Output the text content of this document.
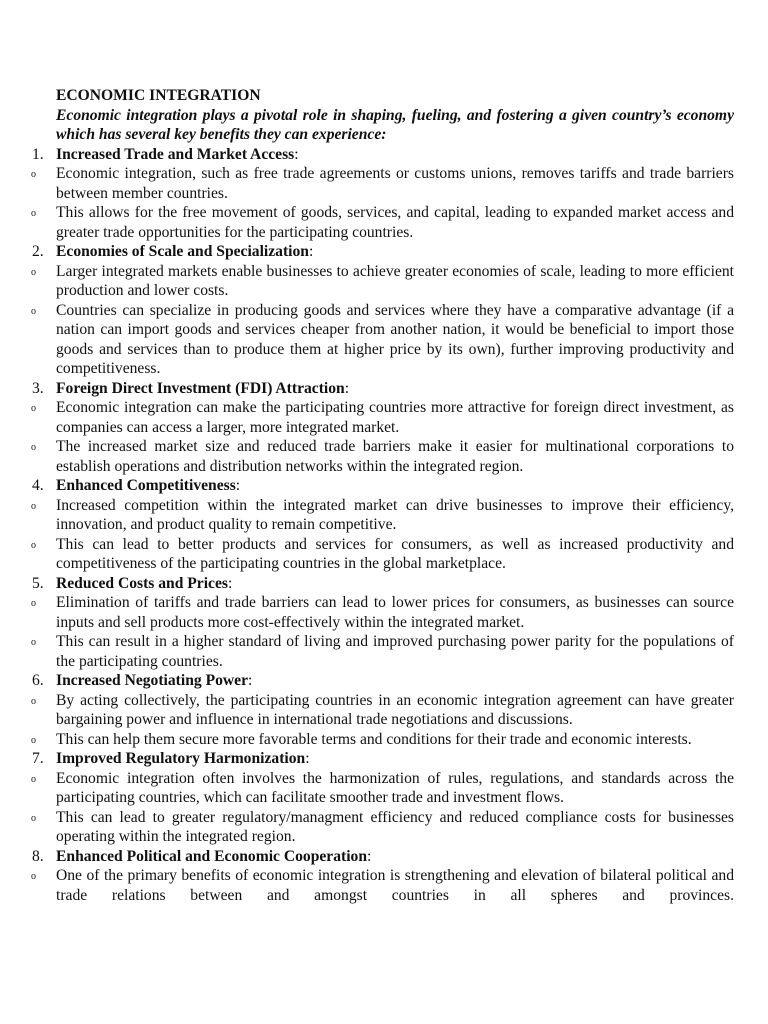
ECONOMIC INTEGRATION
Economic integration plays a pivotal role in shaping, fueling, and fostering a given country’s economy which has several key benefits they can experience:
1. Increased Trade and Market Access:
o Economic integration, such as free trade agreements or customs unions, removes tariffs and trade barriers between member countries.
o This allows for the free movement of goods, services, and capital, leading to expanded market access and greater trade opportunities for the participating countries.
2. Economies of Scale and Specialization:
o Larger integrated markets enable businesses to achieve greater economies of scale, leading to more efficient production and lower costs.
o Countries can specialize in producing goods and services where they have a comparative advantage (if a nation can import goods and services cheaper from another nation, it would be beneficial to import those goods and services than to produce them at higher price by its own), further improving productivity and competitiveness.
3. Foreign Direct Investment (FDI) Attraction:
o Economic integration can make the participating countries more attractive for foreign direct investment, as companies can access a larger, more integrated market.
o The increased market size and reduced trade barriers make it easier for multinational corporations to establish operations and distribution networks within the integrated region.
4. Enhanced Competitiveness:
o Increased competition within the integrated market can drive businesses to improve their efficiency, innovation, and product quality to remain competitive.
o This can lead to better products and services for consumers, as well as increased productivity and competitiveness of the participating countries in the global marketplace.
5. Reduced Costs and Prices:
o Elimination of tariffs and trade barriers can lead to lower prices for consumers, as businesses can source inputs and sell products more cost-effectively within the integrated market.
o This can result in a higher standard of living and improved purchasing power parity for the populations of the participating countries.
6. Increased Negotiating Power:
o By acting collectively, the participating countries in an economic integration agreement can have greater bargaining power and influence in international trade negotiations and discussions.
o This can help them secure more favorable terms and conditions for their trade and economic interests.
7. Improved Regulatory Harmonization:
o Economic integration often involves the harmonization of rules, regulations, and standards across the participating countries, which can facilitate smoother trade and investment flows.
o This can lead to greater regulatory/managment efficiency and reduced compliance costs for businesses operating within the integrated region.
8. Enhanced Political and Economic Cooperation:
o One of the primary benefits of economic integration is strengthening and elevation of bilateral political and trade relations between and amongst countries in all spheres and provinces.
